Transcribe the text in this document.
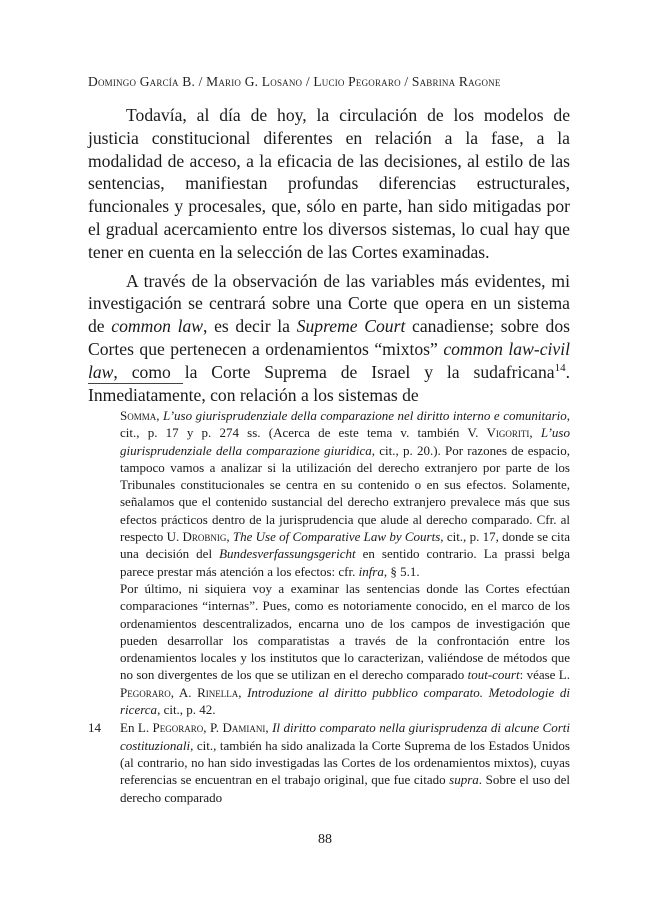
Domingo García B. / Mario G. Losano / Lucio Pegoraro / Sabrina Ragone

Todavía, al día de hoy, la circulación de los modelos de justicia constitucional diferentes en relación a la fase, a la modalidad de acceso, a la eficacia de las decisiones, al estilo de las sentencias, manifiestan profundas diferencias estructurales, funcionales y procesales, que, sólo en parte, han sido mitigadas por el gradual acercamiento entre los diversos sistemas, lo cual hay que tener en cuenta en la selección de las Cortes examinadas.

A través de la observación de las variables más evidentes, mi investigación se centrará sobre una Corte que opera en un sistema de common law, es decir la Supreme Court canadiense; sobre dos Cortes que pertenecen a ordenamientos “mixtos” common law-civil law, como la Corte Suprema de Israel y la sudafricana$^{14}$. Inmediatamente, con relación a los sistemas de

Somma, L’uso giurisprudenziale della comparazione nel diritto interno e comunitario, cit., p. 17 y p. 274 ss. (Acerca de este tema v. también V. Vigoriti, L’uso giurisprudenziale della comparazione giuridica, cit., p. 20.). Por razones de espacio, tampoco vamos a analizar si la utilización del derecho extranjero por parte de los Tribunales constitucionales se centra en su contenido o en sus efectos. Solamente, señalamos que el contenido sustancial del derecho extranjero prevalece más que sus efectos prácticos dentro de la jurisprudencia que alude al derecho comparado. Cfr. al respecto U. Drobnig, The Use of Comparative Law by Courts, cit., p. 17, donde se cita una decisión del Bundesverfassungsgericht en sentido contrario. La prassi belga parece prestar más atención a los efectos: cfr. infra, § 5.1.

Por último, ni siquiera voy a examinar las sentencias donde las Cortes efectúan comparaciones “internas”. Pues, como es notoriamente conocido, en el marco de los ordenamientos descentralizados, encarna uno de los campos de investigación que pueden desarrollar los comparatistas a través de la confrontación entre los ordenamientos locales y los institutos que lo caracterizan, valiéndose de métodos que no son divergentes de los que se utilizan en el derecho comparado tout-court: véase L. Pegoraro, A. Rinella, Introduzione al diritto pubblico comparato. Metodologie di ricerca, cit., p. 42.

14 En L. Pegoraro, P. Damiani, Il diritto comparato nella giurisprudenza di alcune Corti costituzionali, cit., también ha sido analizada la Corte Suprema de los Estados Unidos (al contrario, no han sido investigadas las Cortes de los ordenamientos mixtos), cuyas referencias se encuentran en el trabajo original, que fue citado supra. Sobre el uso del derecho comparado

88
